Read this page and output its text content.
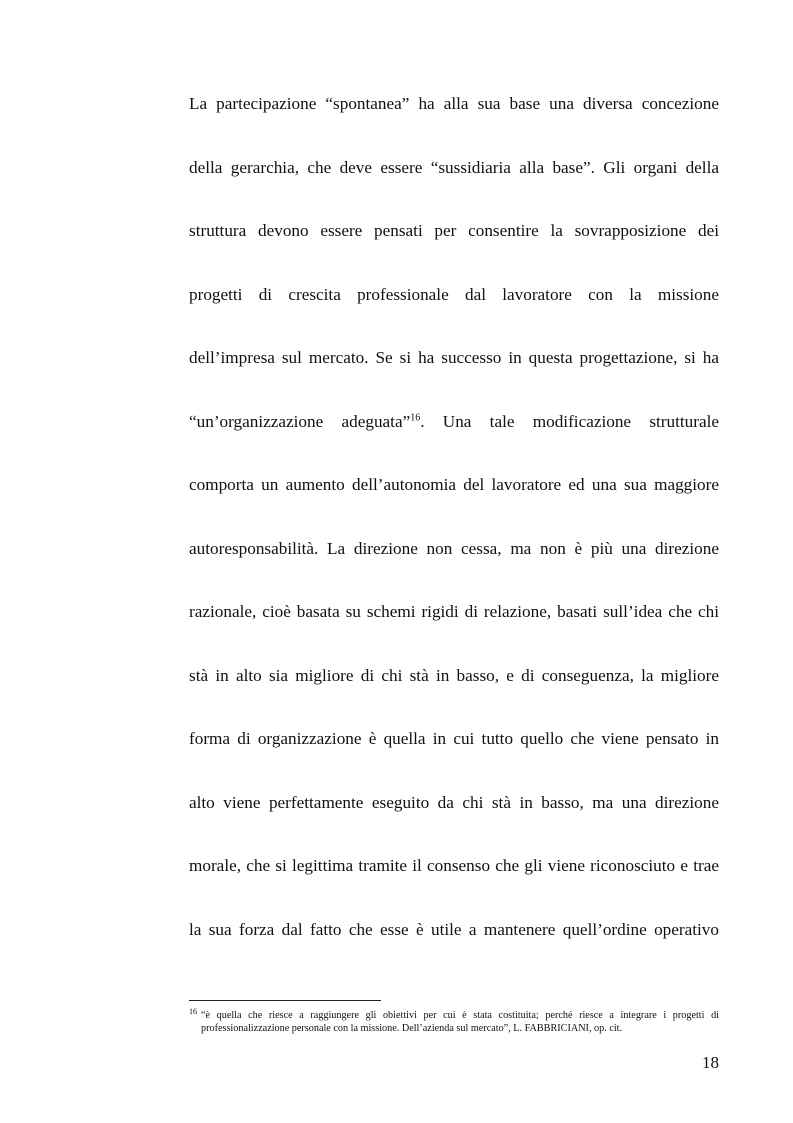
La partecipazione “spontanea” ha alla sua base una diversa concezione
della gerarchia, che deve essere “sussidiaria alla base”. Gli organi della
struttura devono essere pensati per consentire la sovrapposizione dei
progetti di crescita professionale dal lavoratore con la missione
dell’impresa sul mercato. Se si ha successo in questa progettazione, si ha
“un’organizzazione adeguata”$^{16}$. Una tale modificazione strutturale
comporta un aumento dell’autonomia del lavoratore ed una sua maggiore
autoresponsabilità. La direzione non cessa, ma non è più una direzione
razionale, cioè basata su schemi rigidi di relazione, basati sull’idea che chi
stà in alto sia migliore di chi stà in basso, e di conseguenza, la migliore
forma di organizzazione è quella in cui tutto quello che viene pensato in
alto viene perfettamente eseguito da chi stà in basso, ma una direzione
morale, che si legittima tramite il consenso che gli viene riconosciuto e trae
la sua forza dal fatto che esse è utile a mantenere quell’ordine operativo
$^{16}$ “è quella che riesce a raggiungere gli obiettivi per cui è stata costituita; perché riesce a integrare i progetti di
professionalizzazione personale con la missione. Dell’azienda sul mercato”, L. FABBRICIANI, op. cit.
18
